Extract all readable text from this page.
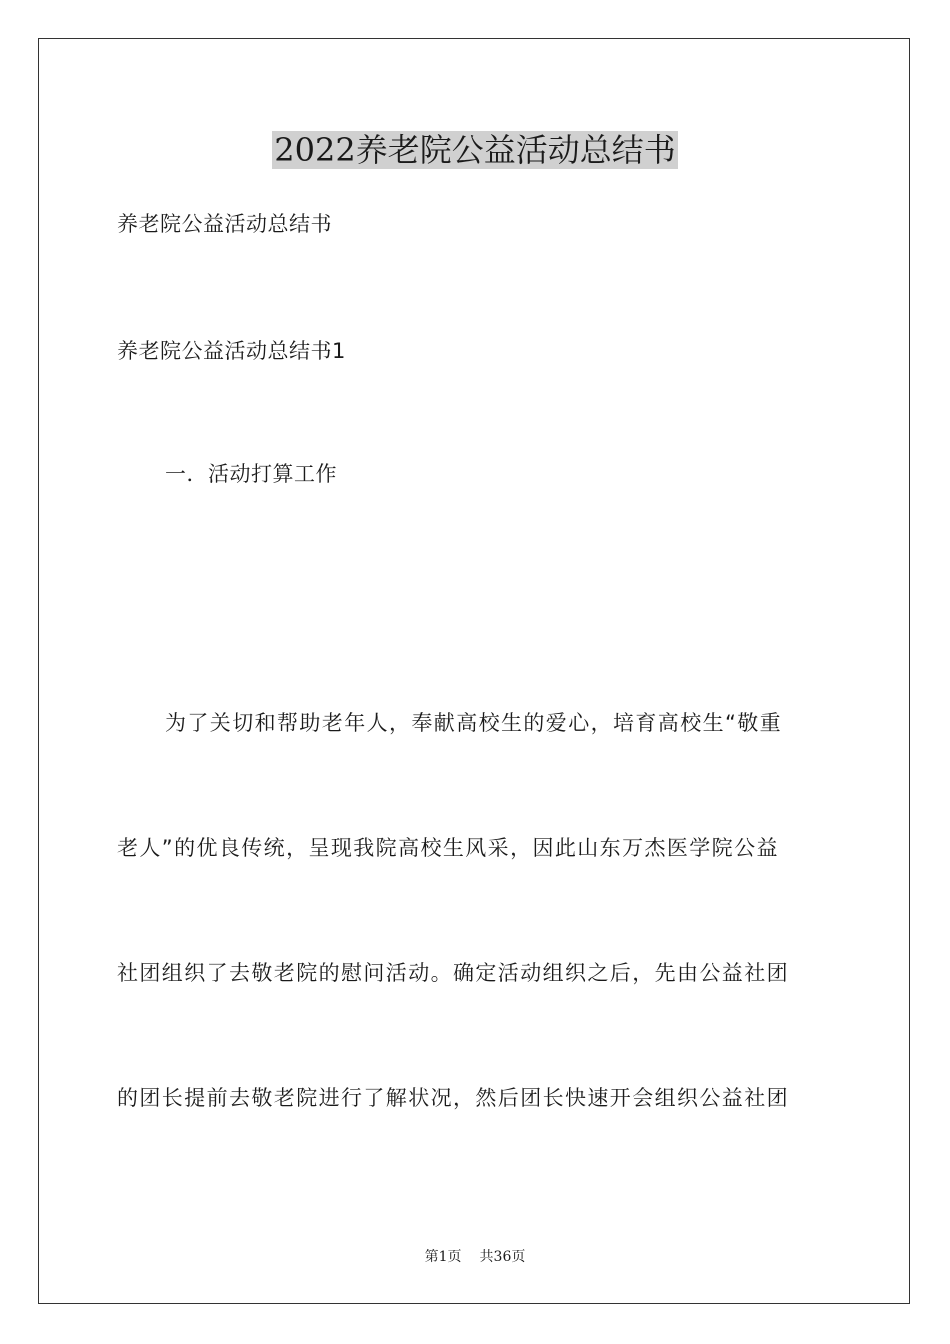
2022养老院公益活动总结书
养老院公益活动总结书
养老院公益活动总结书1
一．活动打算工作
为了关切和帮助老年人，奉献高校生的爱心，培育高校生“敬重
老人”的优良传统，呈现我院高校生风采，因此山东万杰医学院公益
社团组织了去敬老院的慰问活动。确定活动组织之后，先由公益社团
的团长提前去敬老院进行了解状况，然后团长快速开会组织公益社团
第1页 共36页
